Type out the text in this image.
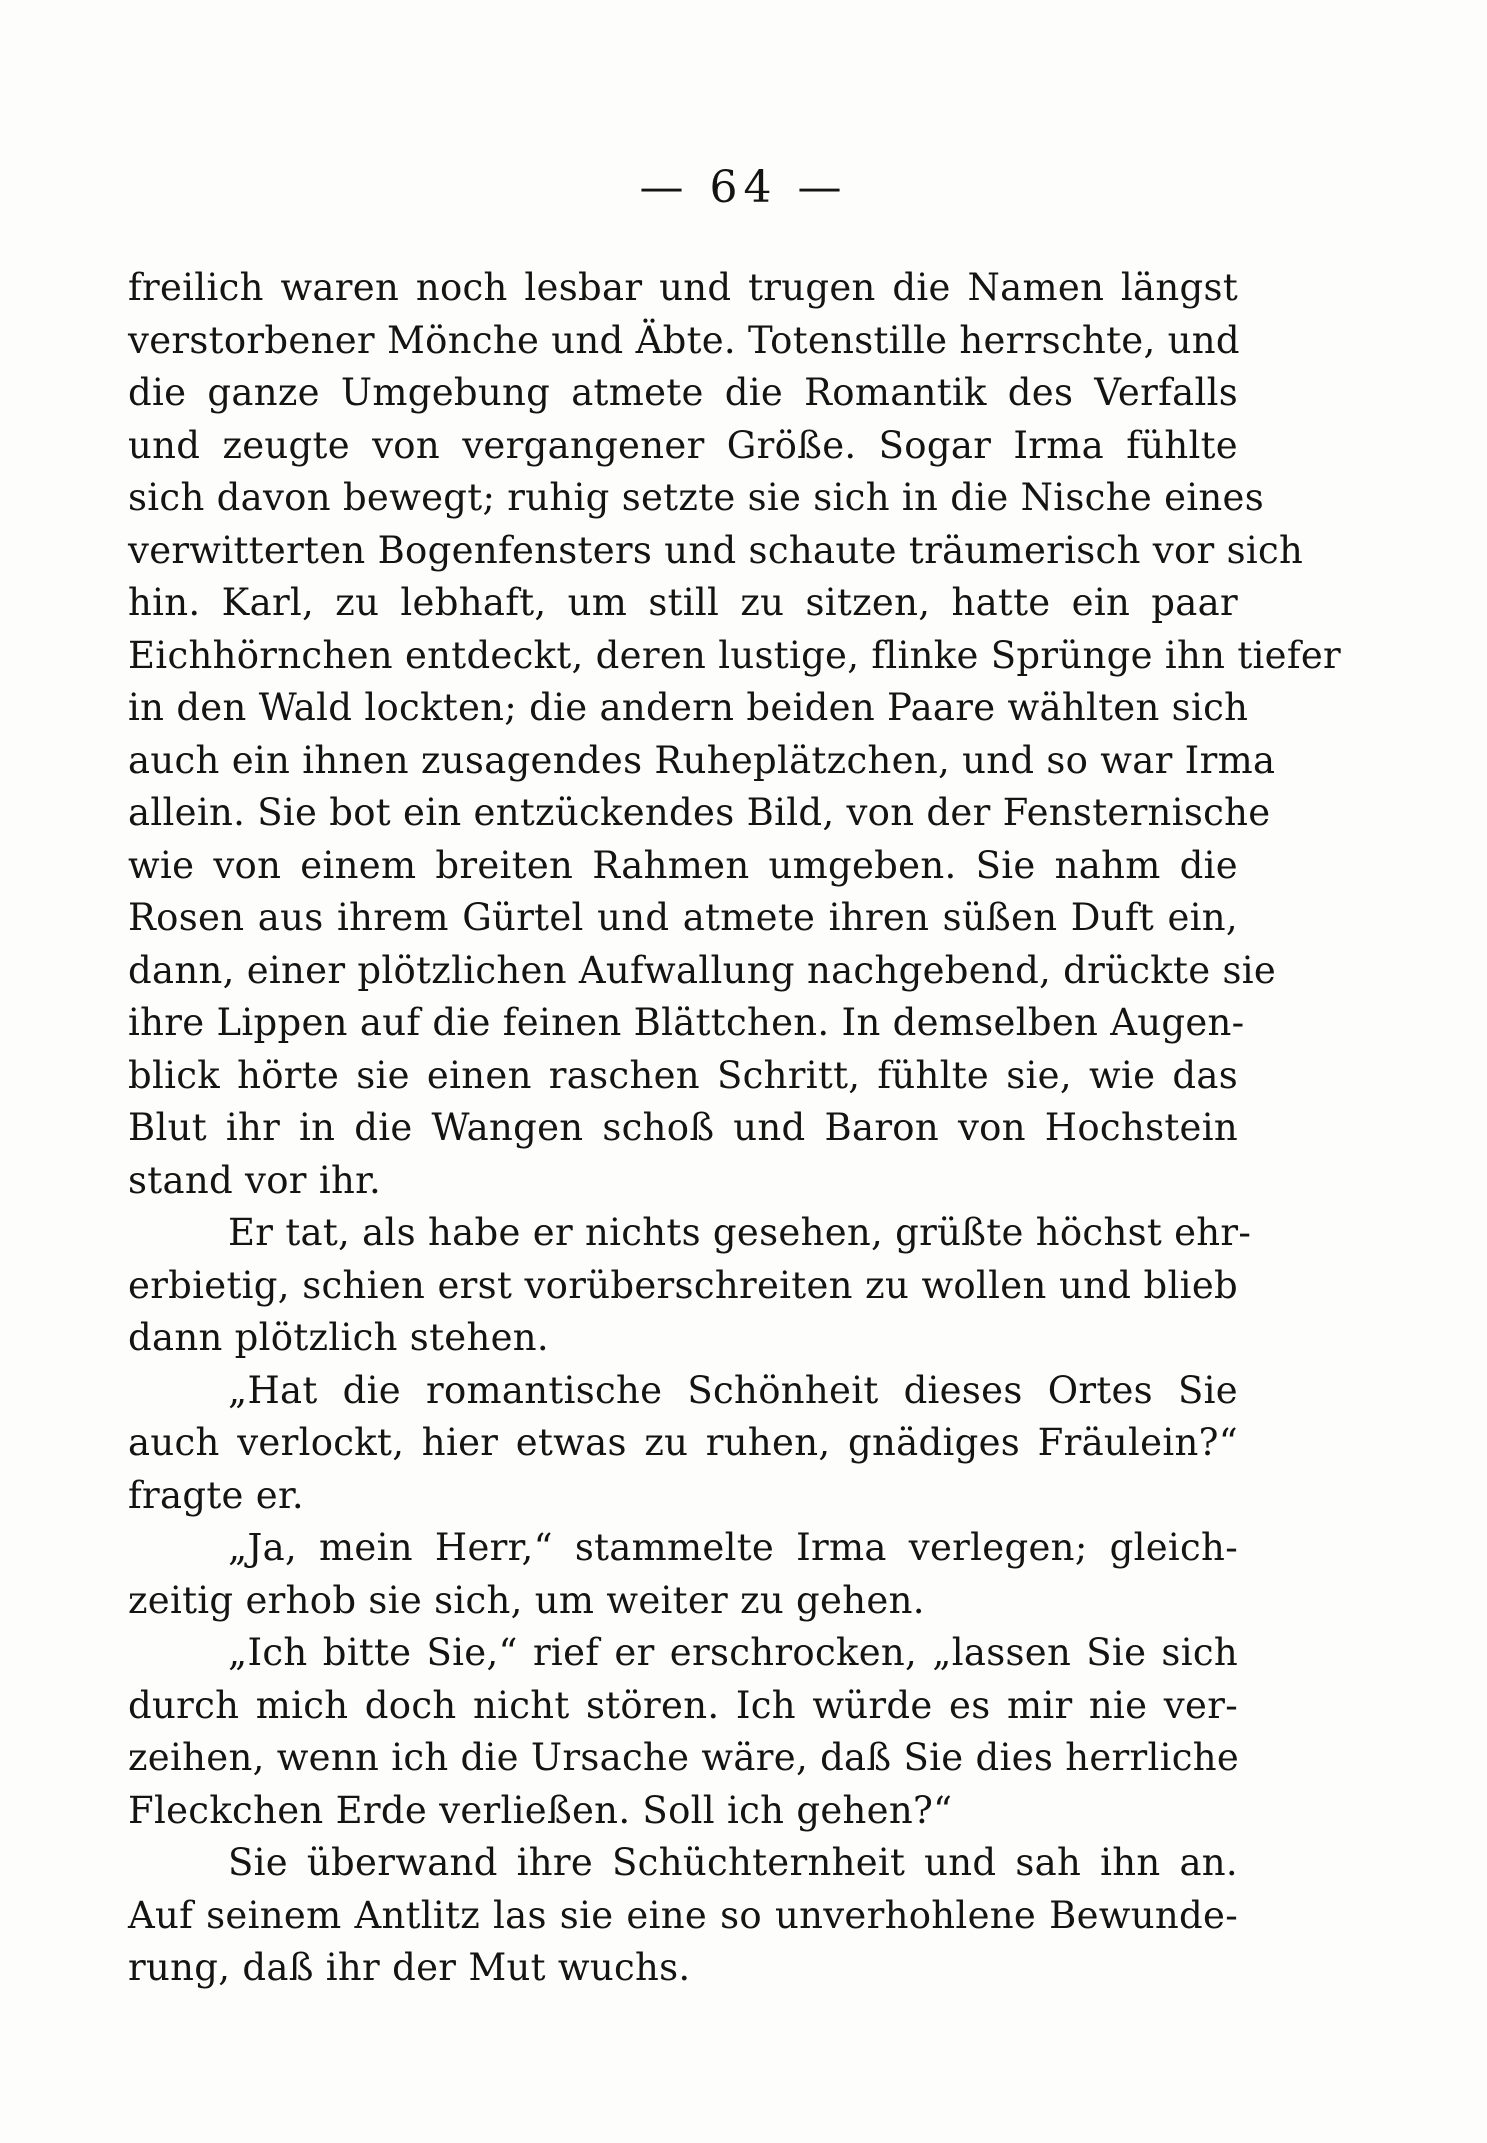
— 64 —
freilich waren noch lesbar und trugen die Namen längst
verstorbener Mönche und Äbte. Totenstille herrschte, und
die ganze Umgebung atmete die Romantik des Verfalls
und zeugte von vergangener Größe. Sogar Irma fühlte
sich davon bewegt; ruhig setzte sie sich in die Nische eines
verwitterten Bogenfensters und schaute träumerisch vor sich
hin. Karl, zu lebhaft, um still zu sitzen, hatte ein paar
Eichhörnchen entdeckt, deren lustige, flinke Sprünge ihn tiefer
in den Wald lockten; die andern beiden Paare wählten sich
auch ein ihnen zusagendes Ruheplätzchen, und so war Irma
allein. Sie bot ein entzückendes Bild, von der Fensternische
wie von einem breiten Rahmen umgeben. Sie nahm die
Rosen aus ihrem Gürtel und atmete ihren süßen Duft ein,
dann, einer plötzlichen Aufwallung nachgebend, drückte sie
ihre Lippen auf die feinen Blättchen. In demselben Augen-
blick hörte sie einen raschen Schritt, fühlte sie, wie das
Blut ihr in die Wangen schoß und Baron von Hochstein
stand vor ihr.
Er tat, als habe er nichts gesehen, grüßte höchst ehr-
erbietig, schien erst vorüberschreiten zu wollen und blieb
dann plötzlich stehen.
„Hat die romantische Schönheit dieses Ortes Sie
auch verlockt, hier etwas zu ruhen, gnädiges Fräulein?“
fragte er.
„Ja, mein Herr,“ stammelte Irma verlegen; gleich-
zeitig erhob sie sich, um weiter zu gehen.
„Ich bitte Sie,“ rief er erschrocken, „lassen Sie sich
durch mich doch nicht stören. Ich würde es mir nie ver-
zeihen, wenn ich die Ursache wäre, daß Sie dies herrliche
Fleckchen Erde verließen. Soll ich gehen?“
Sie überwand ihre Schüchternheit und sah ihn an.
Auf seinem Antlitz las sie eine so unverhohlene Bewunde-
rung, daß ihr der Mut wuchs.
